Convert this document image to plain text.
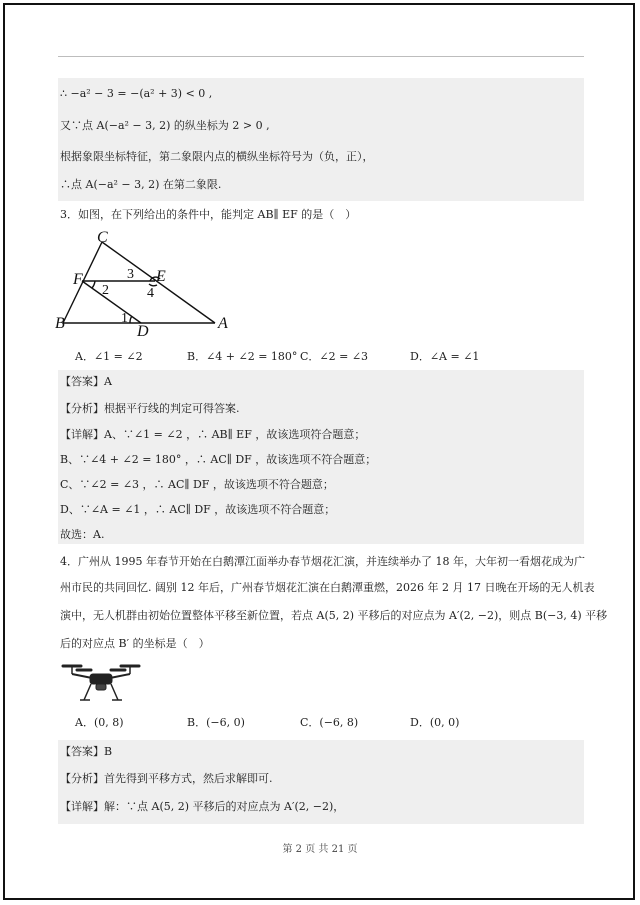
∴ −a² − 3 = −(a² + 3) < 0 ,
又∵点 A(−a² − 3, 2) 的纵坐标为 2 > 0 ,
根据象限坐标特征，第二象限内点的横纵坐标符号为（负，正），
∴点 A(−a² − 3, 2) 在第二象限.
3．如图，在下列给出的条件中，能判定 AB∥ EF 的是（　）
C
F	E
B	A
D
1
2
3
4
A．∠1 = ∠2	B．∠4 + ∠2 = 180° C．∠2 = ∠3	D．∠A = ∠1
【答案】A
【分析】根据平行线的判定可得答案.
【详解】A、∵∠1 = ∠2 ，∴ AB∥ EF ，故该选项符合题意；
B、∵∠4 + ∠2 = 180° ，∴ AC∥ DF ，故该选项不符合题意；
C、∵∠2 = ∠3 ，∴ AC∥ DF ，故该选项不符合题意；
D、∵∠A = ∠1 ，∴ AC∥ DF ，故该选项不符合题意；
故选：A.
4．广州从 1995 年春节开始在白鹅潭江面举办春节烟花汇演，并连续举办了 18 年，大年初一看烟花成为广
州市民的共同回忆. 阔别 12 年后，广州春节烟花汇演在白鹅潭重燃，2026 年 2 月 17 日晚在开场的无人机表
演中，无人机群由初始位置整体平移至新位置，若点 A(5, 2) 平移后的对应点为 A′(2, −2)，则点 B(−3, 4) 平移
后的对应点 B′ 的坐标是（　）
A．(0, 8)	B．(−6, 0)	C．(−6, 8)	D．(0, 0)
【答案】B
【分析】首先得到平移方式，然后求解即可.
【详解】解：∵点 A(5, 2) 平移后的对应点为 A′(2, −2)，
第 2 页 共 21 页
